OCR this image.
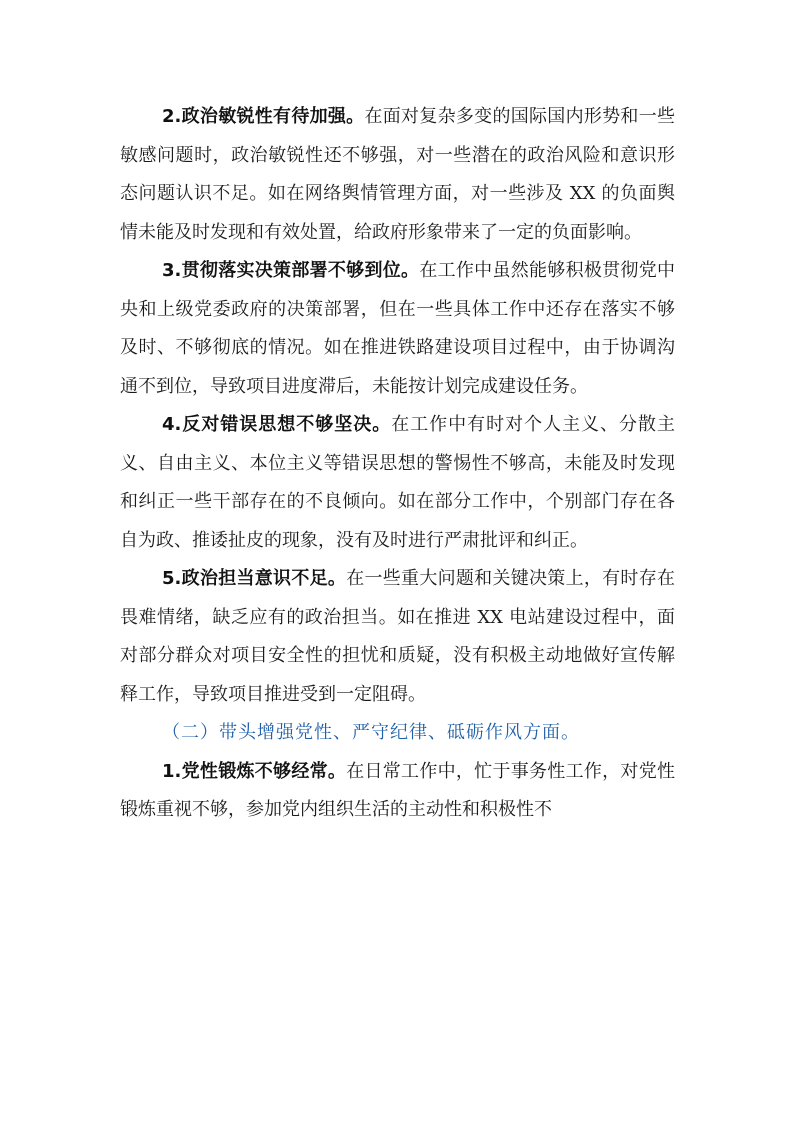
2.政治敏锐性有待加强。在面对复杂多变的国际国内形势和一些敏感问题时，政治敏锐性还不够强，对一些潜在的政治风险和意识形态问题认识不足。如在网络舆情管理方面，对一些涉及 XX 的负面舆情未能及时发现和有效处置，给政府形象带来了一定的负面影响。

3.贯彻落实决策部署不够到位。在工作中虽然能够积极贯彻党中央和上级党委政府的决策部署，但在一些具体工作中还存在落实不够及时、不够彻底的情况。如在推进铁路建设项目过程中，由于协调沟通不到位，导致项目进度滞后，未能按计划完成建设任务。

4.反对错误思想不够坚决。在工作中有时对个人主义、分散主义、自由主义、本位主义等错误思想的警惕性不够高，未能及时发现和纠正一些干部存在的不良倾向。如在部分工作中，个别部门存在各自为政、推诿扯皮的现象，没有及时进行严肃批评和纠正。

5.政治担当意识不足。在一些重大问题和关键决策上，有时存在畏难情绪，缺乏应有的政治担当。如在推进 XX 电站建设过程中，面对部分群众对项目安全性的担忧和质疑，没有积极主动地做好宣传解释工作，导致项目推进受到一定阻碍。

（二）带头增强党性、严守纪律、砥砺作风方面。

1.党性锻炼不够经常。在日常工作中，忙于事务性工作，对党性锻炼重视不够，参加党内组织生活的主动性和积极性不
